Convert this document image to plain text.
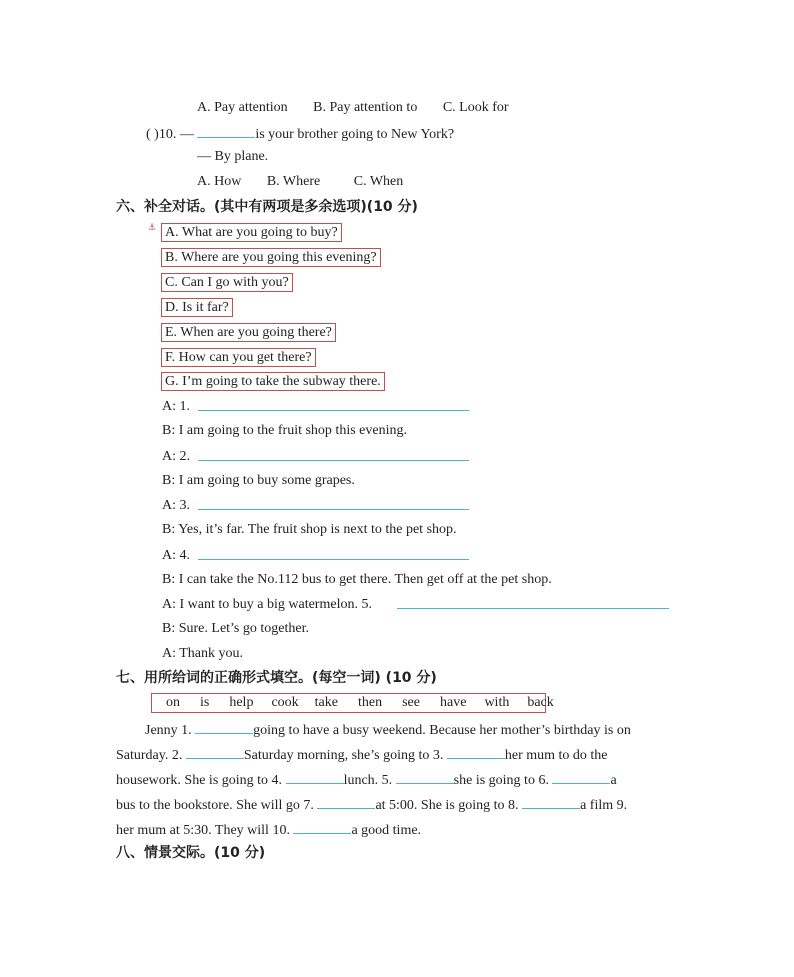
A. Pay attention B. Pay attention to C. Look for
( )10. —	is your brother going to New York?
— By plane.
A. How B. Where C. When
六、补全对话。(其中有两项是多余选项)(10 分)
⚓ A. What are you going to buy?
B. Where are you going this evening?
C. Can I go with you?
D. Is it far?
E. When are you going there?
F. How can you get there?
G. I’m going to take the subway there.
A: 1.
B: I am going to the fruit shop this evening.
A: 2.
B: I am going to buy some grapes.
A: 3.
B: Yes, it’s far. The fruit shop is next to the pet shop.
A: 4.
B: I can take the No.112 bus to get there. Then get off at the pet shop.
A: I want to buy a big watermelon. 5.
B: Sure. Let’s go together.
A: Thank you.
七、用所给词的正确形式填空。(每空一词) (10 分)
on is help cook take then see have with back
Jenny 1.	going to have a busy weekend. Because her mother’s birthday is on
Saturday. 2.	Saturday morning, she’s going to 3.	her mum to do the
housework. She is going to 4.	lunch. 5.	she is going to 6.	a
bus to the bookstore. She will go 7.	at 5:00. She is going to 8.	a film 9.
her mum at 5:30. They will 10.	a good time.
八、情景交际。(10 分)
